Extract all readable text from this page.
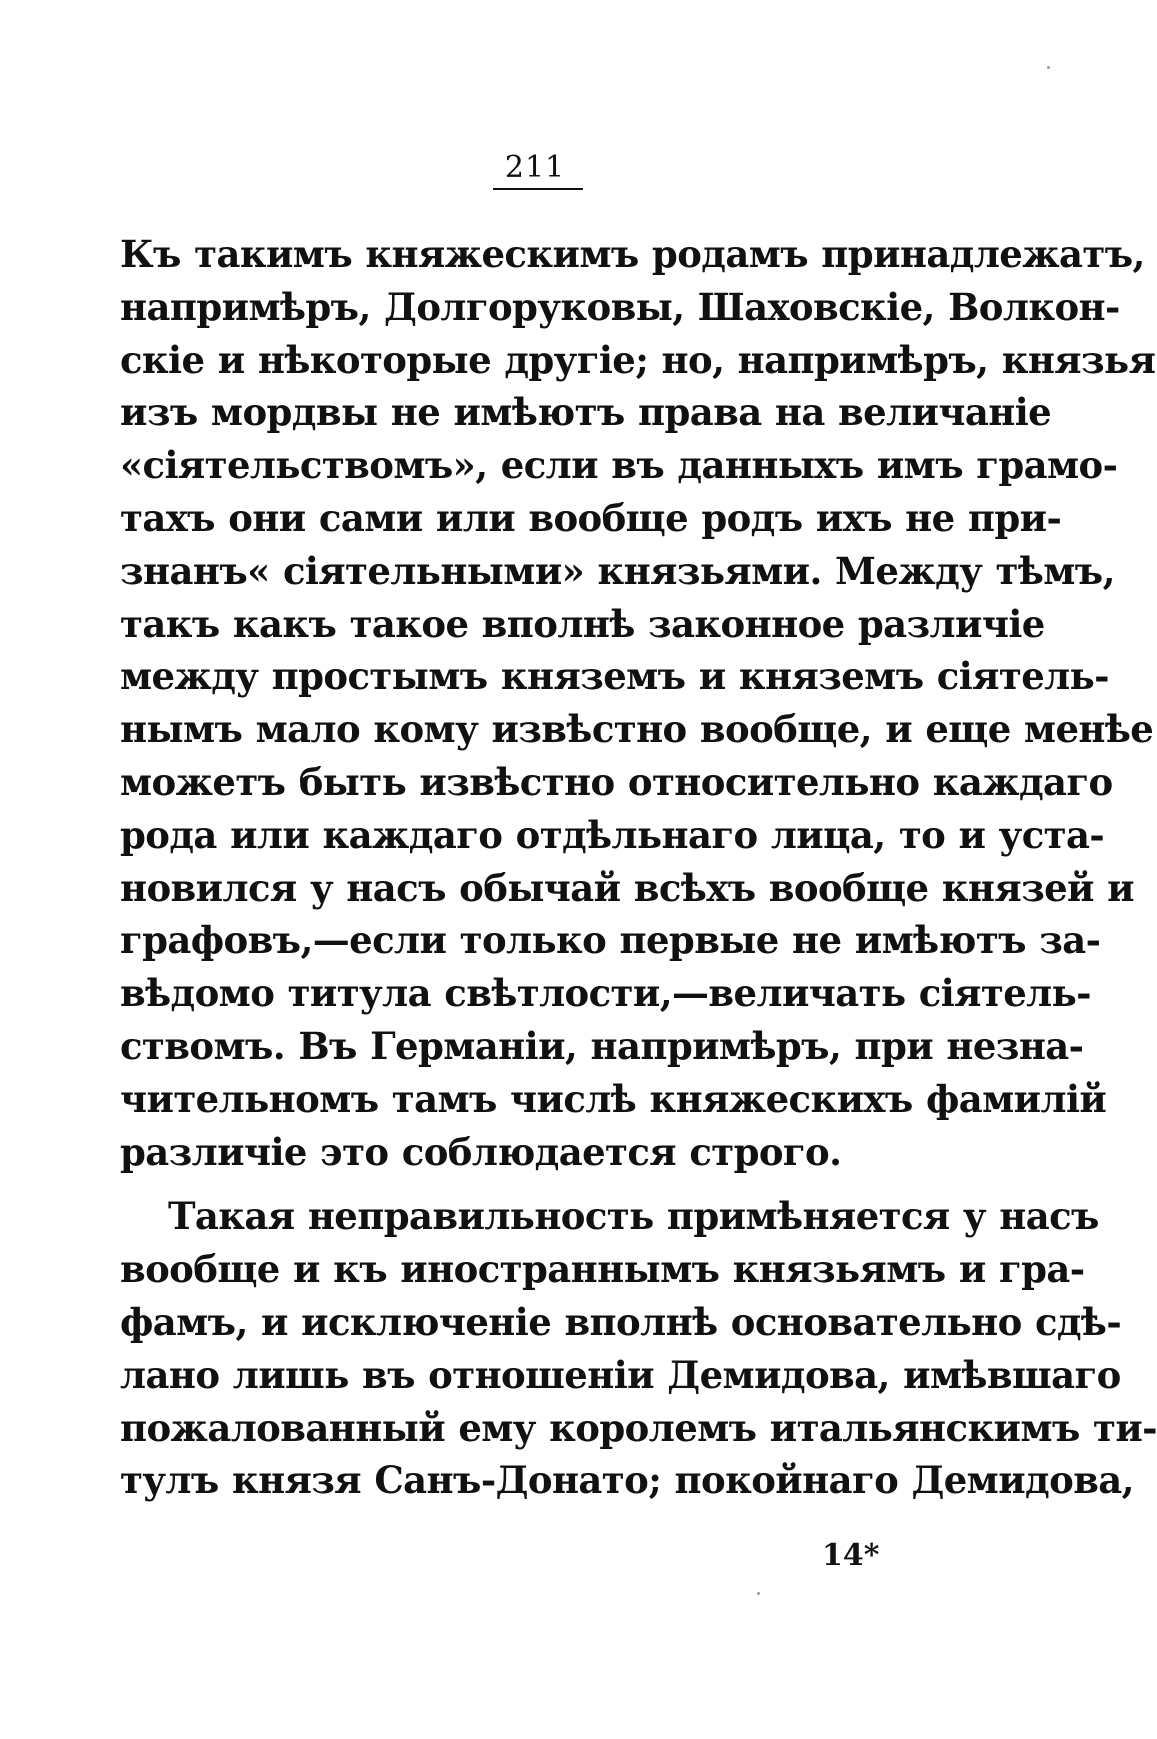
211
Къ такимъ княжескимъ родамъ принадлежатъ,
напримѣръ, Долгоруковы, Шаховскіе, Волкон-
скіе и нѣкоторые другіе; но, напримѣръ, князья
изъ мордвы не имѣютъ права на величаніе
«сіятельствомъ», если въ данныхъ имъ грамо-
тахъ они сами или вообще родъ ихъ не при-
знанъ« сіятельными» князьями. Между тѣмъ,
такъ какъ такое вполнѣ законное различіе
между простымъ княземъ и княземъ сіятель-
нымъ мало кому извѣстно вообще, и еще менѣе
можетъ быть извѣстно относительно каждаго
рода или каждаго отдѣльнаго лица, то и уста-
новился у насъ обычай всѣхъ вообще князей и
графовъ,—если только первые не имѣютъ за-
вѣдомо титула свѣтлости,—величать сіятель-
ствомъ. Въ Германіи, напримѣръ, при незна-
чительномъ тамъ числѣ княжескихъ фамилій
различіе это соблюдается строго.
Такая неправильность примѣняется у насъ
вообще и къ иностраннымъ князьямъ и гра-
фамъ, и исключеніе вполнѣ основательно сдѣ-
лано лишь въ отношеніи Демидова, имѣвшаго
пожалованный ему королемъ итальянскимъ ти-
тулъ князя Санъ-Донато; покойнаго Демидова,
14*
